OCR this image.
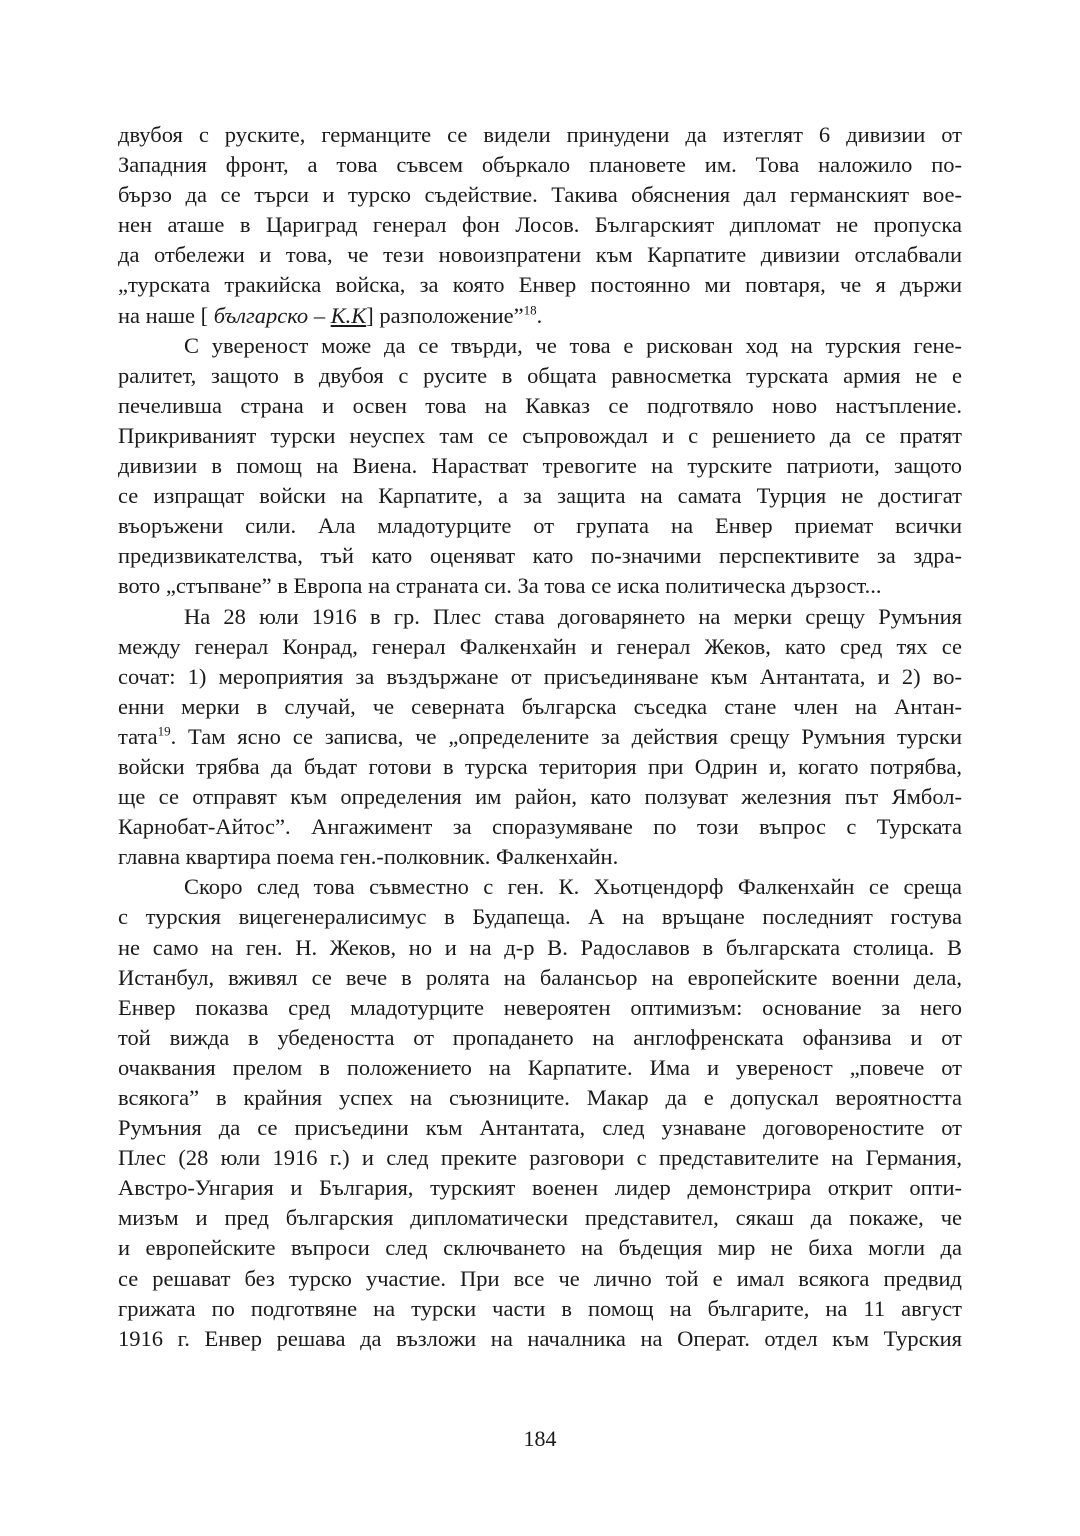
двубоя с руските, германците се видели принудени да изтеглят 6 дивизии от
Западния фронт, а това съвсем объркало плановете им. Това наложило по-
бързо да се търси и турско съдействие. Такива обяснения дал германският вое-
нен аташе в Цариград генерал фон Лосов. Българският дипломат не пропуска
да отбележи и това, че тези новоизпратени към Карпатите дивизии отслабвали
„турската тракийска войска, за която Енвер постоянно ми повтаря, че я държи
на наше [ българско – К.К] разположение”$^{18}$.
С увереност може да се твърди, че това е рискован ход на турския гене-
ралитет, защото в двубоя с русите в общата равносметка турската армия не е
печеливша страна и освен това на Кавказ се подготвяло ново настъпление.
Прикриваният турски неуспех там се съпровождал и с решението да се пратят
дивизии в помощ на Виена. Нарастват тревогите на турските патриоти, защото
се изпращат войски на Карпатите, а за защита на самата Турция не достигат
въоръжени сили. Ала младотурците от групата на Енвер приемат всички
предизвикателства, тъй като оценяват като по-значими перспективите за здра-
вото „стъпване” в Европа на страната си. За това се иска политическа дързост...
На 28 юли 1916 в гр. Плес става договарянето на мерки срещу Румъния
между генерал Конрад, генерал Фалкенхайн и генерал Жеков, като сред тях се
сочат: 1) мероприятия за въздържане от присъединяване към Антантата, и 2) во-
енни мерки в случай, че северната българска съседка стане член на Антан-
тата$^{19}$. Там ясно се записва, че „определените за действия срещу Румъния турски
войски трябва да бъдат готови в турска територия при Одрин и, когато потрябва,
ще се отправят към определения им район, като ползуват железния път Ямбол-
Карнобат-Айтос”. Ангажимент за споразумяване по този въпрос с Турската
главна квартира поема ген.-полковник. Фалкенхайн.
Скоро след това съвместно с ген. К. Хьотцендорф Фалкенхайн се среща
с турския вицегенералисимус в Будапеща. А на връщане последният гостува
не само на ген. Н. Жеков, но и на д-р В. Радославов в българската столица. В
Истанбул, вживял се вече в ролята на балансьор на европейските военни дела,
Енвер показва сред младотурците невероятен оптимизъм: основание за него
той вижда в убедеността от пропадането на англофренската офанзива и от
очаквания прелом в положението на Карпатите. Има и увереност „повече от
всякога” в крайния успех на съюзниците. Макар да е допускал вероятността
Румъния да се присъедини към Антантата, след узнаване договореностите от
Плес (28 юли 1916 г.) и след преките разговори с представителите на Германия,
Австро-Унгария и България, турският военен лидер демонстрира открит опти-
мизъм и пред българския дипломатически представител, сякаш да покаже, че
и европейските въпроси след сключването на бъдещия мир не биха могли да
се решават без турско участие. При все че лично той е имал всякога предвид
грижата по подготвяне на турски части в помощ на българите, на 11 август
1916 г. Енвер решава да възложи на началника на Операт. отдел към Турския
184
